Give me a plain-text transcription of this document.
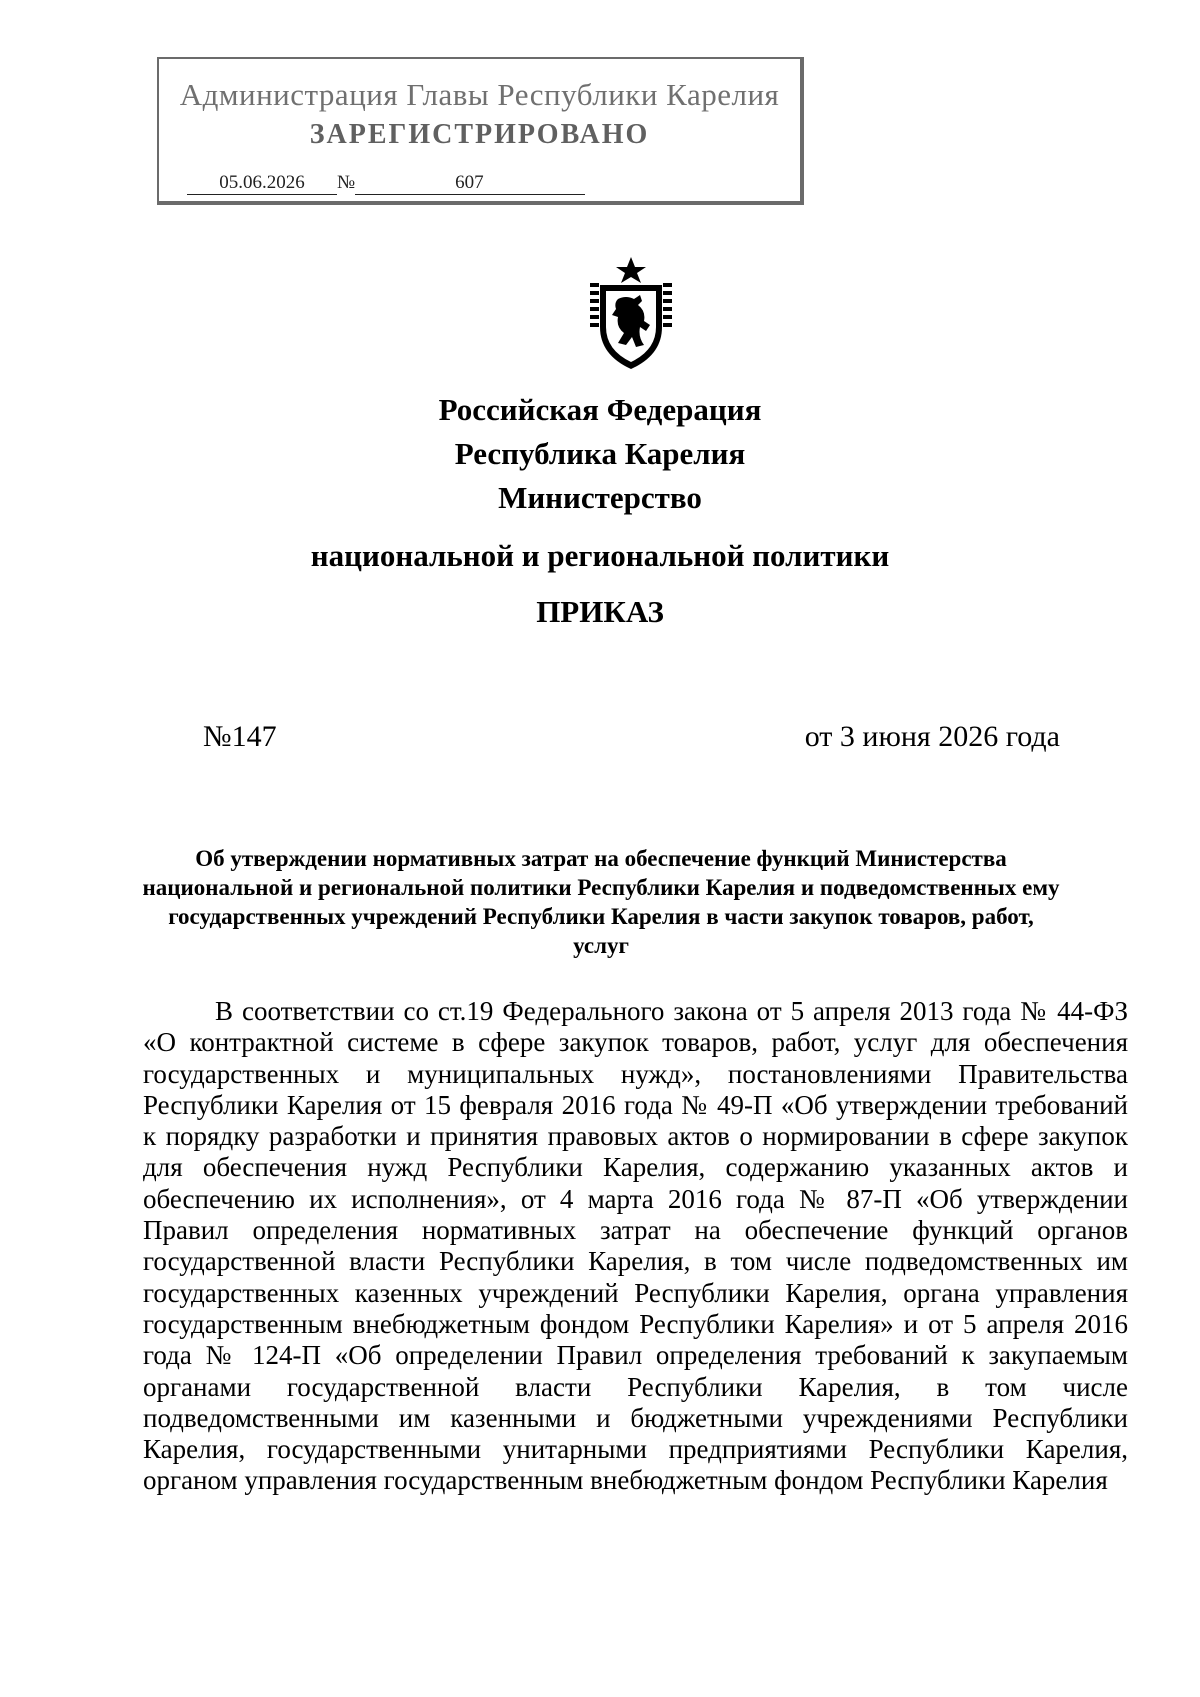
Администрация Главы Республики Карелия
ЗАРЕГИСТРИРОВАНО
05.06.2026 №	607
Российская Федерация
Республика Карелия
Министерство
национальной и региональной политики
ПРИКАЗ
№147	от 3 июня 2026 года
Об утверждении нормативных затрат на обеспечение функций Министерства национальной и региональной политики Республики Карелия и подведомственных ему государственных учреждений Республики Карелия в части закупок товаров, работ, услуг
В соответствии со ст.19 Федерального закона от 5 апреля 2013 года № 44-ФЗ «О контрактной системе в сфере закупок товаров, работ, услуг для обеспечения государственных и муниципальных нужд», постановлениями Правительства Республики Карелия от 15 февраля 2016 года № 49-П «Об утверждении требований к порядку разработки и принятия правовых актов о нормировании в сфере закупок для обеспечения нужд Республики Карелия, содержанию указанных актов и обеспечению их исполнения», от 4 марта 2016 года № 87-П «Об утверждении Правил определения нормативных затрат на обеспечение функций органов государственной власти Республики Карелия, в том числе подведомственных им государственных казенных учреждений Республики Карелия, органа управления государственным внебюджетным фондом Республики Карелия» и от 5 апреля 2016 года № 124-П «Об определении Правил определения требований к закупаемым органами государственной власти Республики Карелия, в том числе подведомственными им казенными и бюджетными учреждениями Республики Карелия, государственными унитарными предприятиями Республики Карелия, органом управления государственным внебюджетным фондом Республики Карелия
